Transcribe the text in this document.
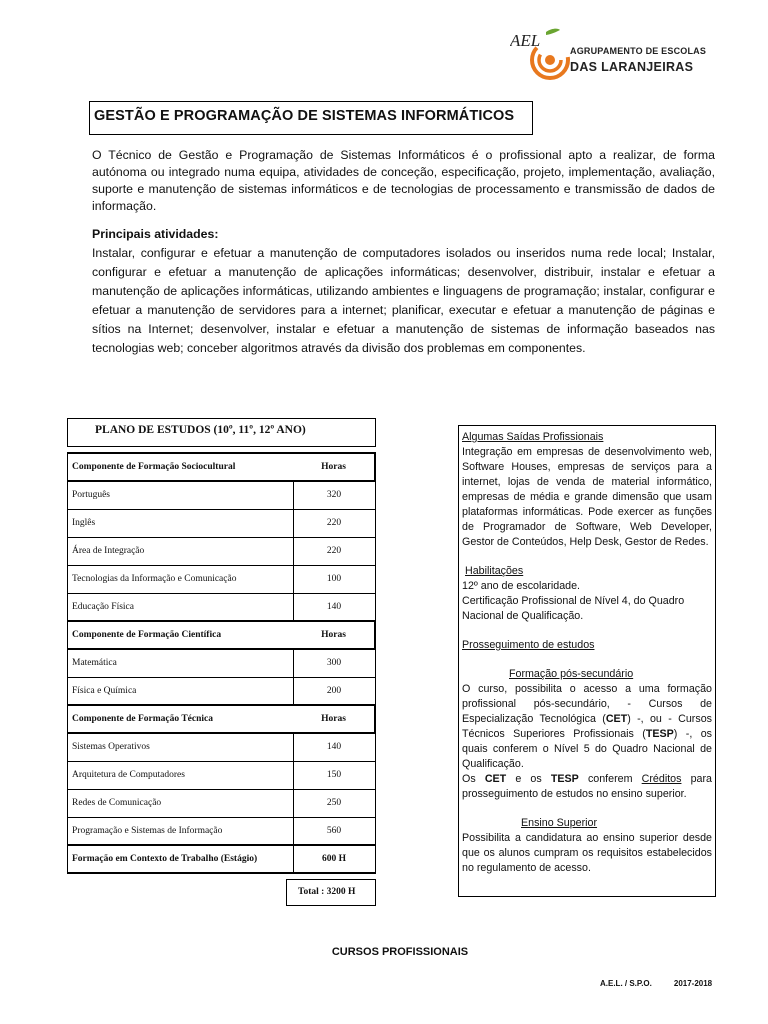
AEL
AGRUPAMENTO DE ESCOLAS
DAS LARANJEIRAS
GESTÃO E PROGRAMAÇÃO DE SISTEMAS INFORMÁTICOS

O Técnico de Gestão e Programação de Sistemas Informáticos é o profissional apto a realizar, de forma autónoma ou integrado numa equipa, atividades de conceção, especificação, projeto, implementação, avaliação, suporte e manutenção de sistemas informáticos e de tecnologias de processamento e transmissão de dados de informação.

Principais atividades:

Instalar, configurar e efetuar a manutenção de computadores isolados ou inseridos numa rede local; Instalar, configurar e efetuar a manutenção de aplicações informáticas; desenvolver, distribuir, instalar e efetuar a manutenção de aplicações informáticas, utilizando ambientes e linguagens de programação; instalar, configurar e efetuar a manutenção de servidores para a internet; planificar, executar e efetuar a manutenção de páginas e sítios na Internet; desenvolver, instalar e efetuar a manutenção de sistemas de informação baseados nas tecnologias web; conceber algoritmos através da divisão dos problemas em componentes.

PLANO DE ESTUDOS (10º, 11º, 12º ANO)
Componente de Formação Sociocultural	Horas
Português	320
Inglês	220
Área de Integração	220
Tecnologias da Informação e Comunicação	100
Educação Física	140
Componente de Formação Científica	Horas
Matemática	300
Física e Química	200
Componente de Formação Técnica	Horas
Sistemas Operativos	140
Arquitetura de Computadores	150
Redes de Comunicação	250
Programação e Sistemas de Informação	560
Formação em Contexto de Trabalho (Estágio)	600 H
Total : 3200 H
Algumas Saídas Profissionais
Integração em empresas de desenvolvimento web, Software Houses, empresas de serviços para a internet, lojas de venda de material informático, empresas de média e grande dimensão que usam plataformas informáticas. Pode exercer as funções de Programador de Software, Web Developer, Gestor de Conteúdos, Help Desk, Gestor de Redes.
Habilitações
12º ano de escolaridade.
Certificação Profissional de Nível 4, do Quadro Nacional de Qualificação.
Prosseguimento de estudos
Formação pós-secundário
O curso, possibilita o acesso a uma formação profissional pós-secundário, - Cursos de Especialização Tecnológica (CET) -, ou - Cursos Técnicos Superiores Profissionais (TESP) -, os quais conferem o Nível 5 do Quadro Nacional de Qualificação.
Os CET e os TESP conferem Créditos para prosseguimento de estudos no ensino superior.
Ensino Superior
Possibilita a candidatura ao ensino superior desde que os alunos cumpram os requisitos estabelecidos no regulamento de acesso.
CURSOS PROFISSIONAIS
A.E.L. / S.P.O.	2017-2018
